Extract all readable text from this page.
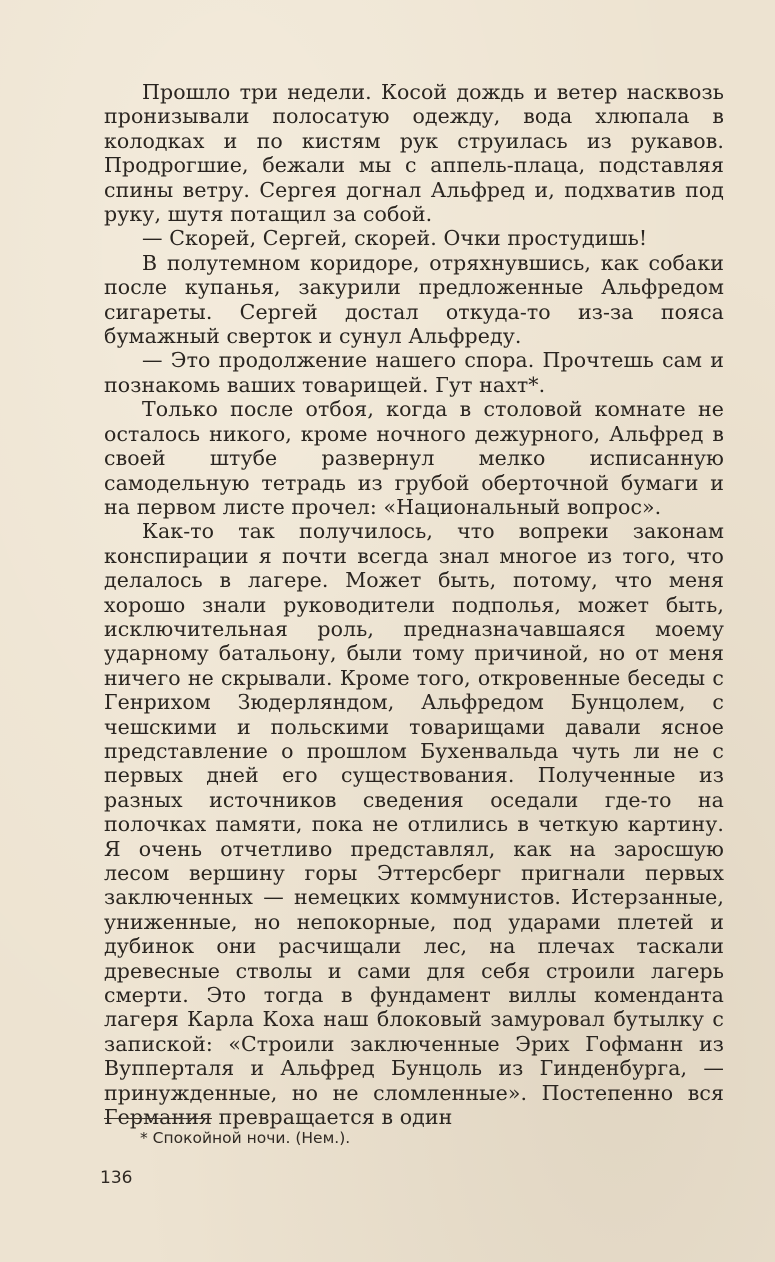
Прошло три недели. Косой дождь и ветер насквозь пронизывали полосатую одежду, вода хлюпала в колодках и по кистям рук струилась из рукавов. Продрогшие, бежали мы с аппель-плаца, подставляя спины ветру. Сергея догнал Альфред и, подхватив под руку, шутя потащил за собой.

— Скорей, Сергей, скорей. Очки простудишь!

В полутемном коридоре, отряхнувшись, как собаки после купанья, закурили предложенные Альфредом сигареты. Сергей достал откуда-то из-за пояса бумажный сверток и сунул Альфреду.

— Это продолжение нашего спора. Прочтешь сам и познакомь ваших товарищей. Гут нахт*.

Только после отбоя, когда в столовой комнате не осталось никого, кроме ночного дежурного, Альфред в своей штубе развернул мелко исписанную самодельную тетрадь из грубой оберточной бумаги и на первом листе прочел: «Национальный вопрос».

Как-то так получилось, что вопреки законам конспирации я почти всегда знал многое из того, что делалось в лагере. Может быть, потому, что меня хорошо знали руководители подполья, может быть, исключительная роль, предназначавшаяся моему ударному батальону, были тому причиной, но от меня ничего не скрывали. Кроме того, откровенные беседы с Генрихом Зюдерляндом, Альфредом Бунцолем, с чешскими и польскими товарищами давали ясное представление о прошлом Бухенвальда чуть ли не с первых дней его существования. Полученные из разных источников сведения оседали где-то на полочках памяти, пока не отлились в четкую картину. Я очень отчетливо представлял, как на заросшую лесом вершину горы Эттерсберг пригнали первых заключенных — немецких коммунистов. Истерзанные, униженные, но непокорные, под ударами плетей и дубинок они расчищали лес, на плечах таскали древесные стволы и сами для себя строили лагерь смерти. Это тогда в фундамент виллы коменданта лагеря Карла Коха наш блоковый замуровал бутылку с запиской: «Строили заключенные Эрих Гофманн из Вупперталя и Альфред Бунцоль из Гинденбурга, — принужденные, но не сломленные». Постепенно вся Германия превращается в один

* Спокойной ночи. (Нем.).
136
